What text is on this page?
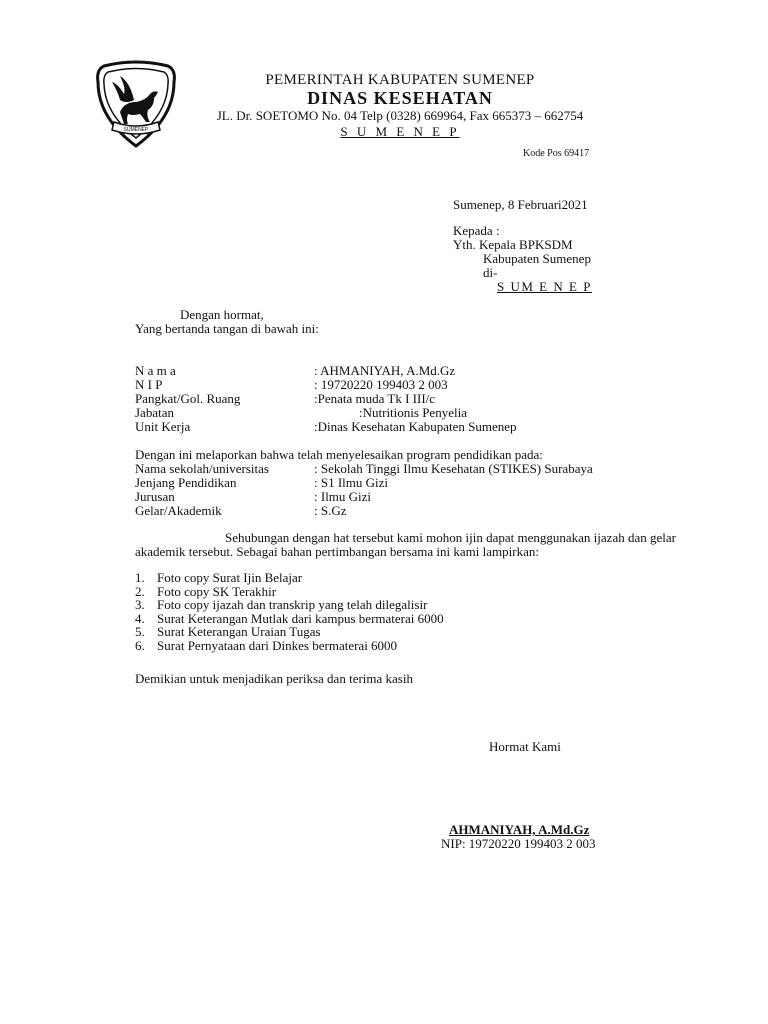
SUMENEP
PEMERINTAH KABUPATEN SUMENEP
DINAS KESEHATAN
JL. Dr. SOETOMO No. 04 Telp (0328) 669964, Fax 665373 – 662754
S U M E N E P
Kode Pos 69417
Sumenep, 8 Februari2021
Kepada :
Yth. Kepala BPKSDM
Kabupaten Sumenep
di-
S UM E N E P
Dengan hormat,
Yang bertanda tangan di bawah ini:
N a m a	: AHMANIYAH, A.Md.Gz
N I P	: 19720220 199403 2 003
Pangkat/Gol. Ruang	:Penata muda Tk I III/c
Jabatan	:Nutritionis Penyelia
Unit Kerja	:Dinas Kesehatan Kabupaten Sumenep
Dengan ini melaporkan bahwa telah menyelesaikan program pendidikan pada:
Nama sekolah/universitas	: Sekolah Tinggi Ilmu Kesehatan (STIKES) Surabaya
Jenjang Pendidikan	: S1 Ilmu Gizi
Jurusan	: Ilmu Gizi
Gelar/Akademik	: S.Gz
Sehubungan dengan hat tersebut kami mohon ijin dapat menggunakan ijazah dan gelar akademik tersebut. Sebagai bahan pertimbangan bersama ini kami lampirkan:
1. Foto copy Surat Ijin Belajar
2. Foto copy SK Terakhir
3. Foto copy ijazah dan transkrip yang telah dilegalisir
4. Surat Keterangan Mutlak dari kampus bermaterai 6000
5. Surat Keterangan Uraian Tugas
6. Surat Pernyataan dari Dinkes bermaterai 6000
Demikian untuk menjadikan periksa dan terima kasih
Hormat Kami
AHMANIYAH, A.Md.Gz
NIP: 19720220 199403 2 003
